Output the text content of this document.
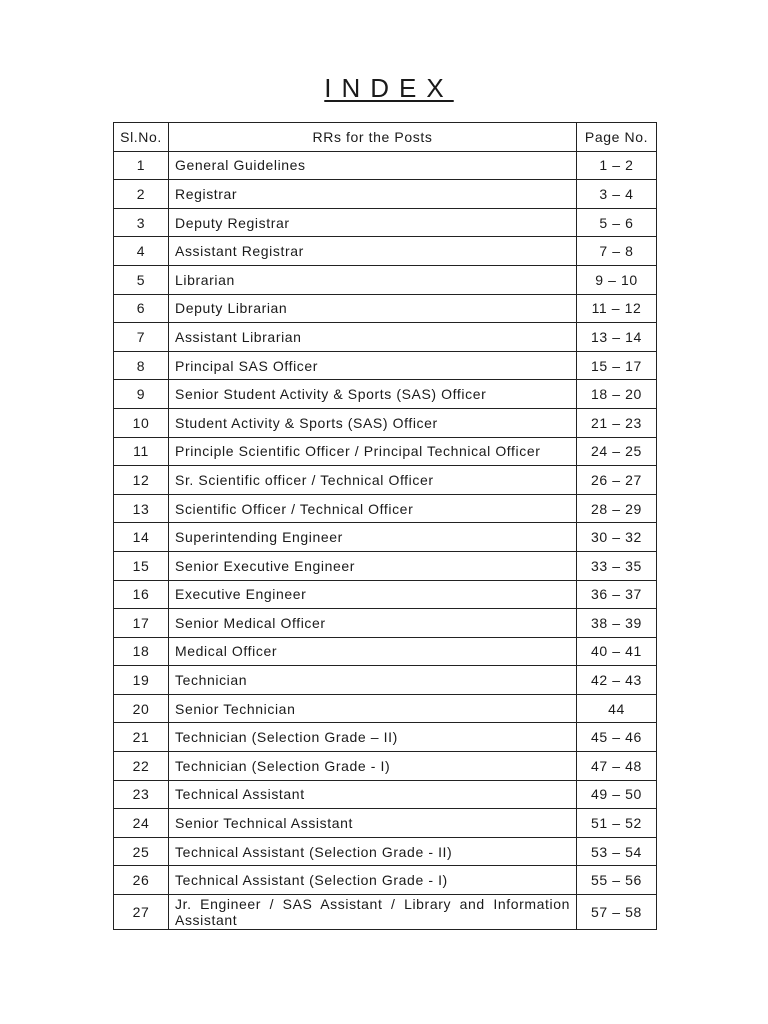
INDEX
Sl.No.	RRs for the Posts	Page No.
1	General Guidelines	1 – 2
2	Registrar	3 – 4
3	Deputy Registrar	5 – 6
4	Assistant Registrar	7 – 8
5	Librarian	9 – 10
6	Deputy Librarian	11 – 12
7	Assistant Librarian	13 – 14
8	Principal SAS Officer	15 – 17
9	Senior Student Activity & Sports (SAS) Officer	18 – 20
10	Student Activity & Sports (SAS) Officer	21 – 23
11	Principle Scientific Officer / Principal Technical Officer	24 – 25
12	Sr. Scientific officer / Technical Officer	26 – 27
13	Scientific Officer / Technical Officer	28 – 29
14	Superintending Engineer	30 – 32
15	Senior Executive Engineer	33 – 35
16	Executive Engineer	36 – 37
17	Senior Medical Officer	38 – 39
18	Medical Officer	40 – 41
19	Technician	42 – 43
20	Senior Technician	44
21	Technician (Selection Grade – II)	45 – 46
22	Technician (Selection Grade - I)	47 – 48
23	Technical Assistant	49 – 50
24	Senior Technical Assistant	51 – 52
25	Technical Assistant (Selection Grade - II)	53 – 54
26	Technical Assistant (Selection Grade - I)	55 – 56
27	Jr. Engineer / SAS Assistant / Library and Information Assistant	57 – 58
